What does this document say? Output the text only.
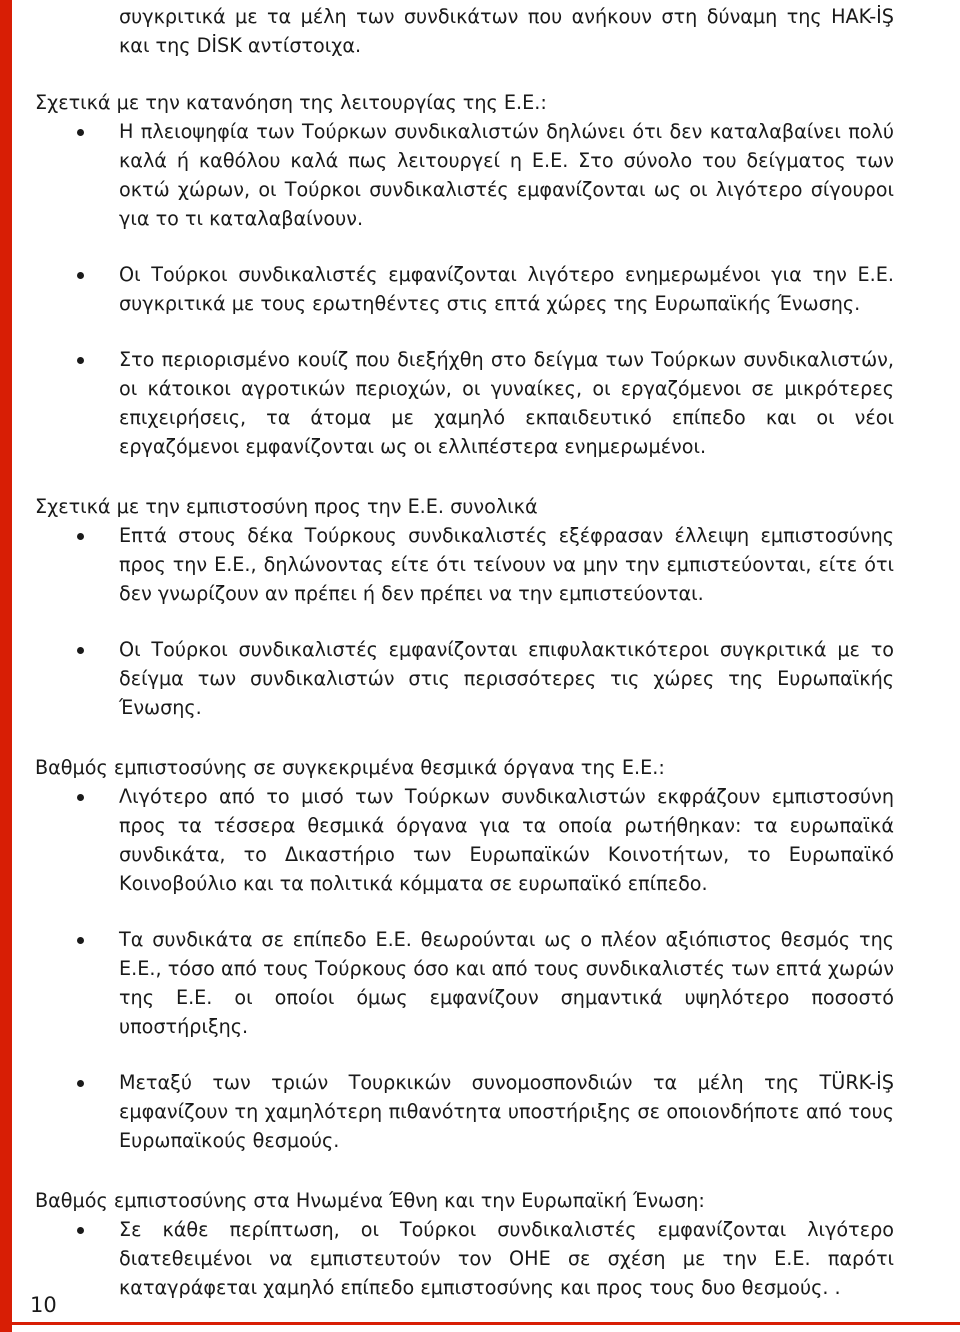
10
συγκριτικά με τα μέλη των συνδικάτων που ανήκουν στη δύναμη της HAK-İŞ και της DİSK αντίστοιχα.
Σχετικά με την κατανόηση της λειτουργίας της Ε.Ε.:
Η πλειοψηφία των Τούρκων συνδικαλιστών δηλώνει ότι δεν καταλαβαίνει πολύ καλά ή καθόλου καλά πως λειτουργεί η Ε.Ε. Στο σύνολο του δείγματος των οκτώ χώρων, οι Τούρκοι συνδικαλιστές εμφανίζονται ως οι λιγότερο σίγουροι για το τι καταλαβαίνουν.
Οι Τούρκοι συνδικαλιστές εμφανίζονται λιγότερο ενημερωμένοι για την Ε.Ε. συγκριτικά με τους ερωτηθέντες στις επτά χώρες της Ευρωπαϊκής Ένωσης.
Στο περιορισμένο κουίζ που διεξήχθη στο δείγμα των Τούρκων συνδικαλιστών, οι κάτοικοι αγροτικών περιοχών, οι γυναίκες, οι εργαζόμενοι σε μικρότερες επιχειρήσεις, τα άτομα με χαμηλό εκπαιδευτικό επίπεδο και οι νέοι εργαζόμενοι εμφανίζονται ως οι ελλιπέστερα ενημερωμένοι.
Σχετικά με την εμπιστοσύνη προς την Ε.Ε. συνολικά
Επτά στους δέκα Τούρκους συνδικαλιστές εξέφρασαν έλλειψη εμπιστοσύνης προς την Ε.Ε., δηλώνοντας είτε ότι τείνουν να μην την εμπιστεύονται, είτε ότι δεν γνωρίζουν αν πρέπει ή δεν πρέπει να την εμπιστεύονται.
Οι Τούρκοι συνδικαλιστές εμφανίζονται επιφυλακτικότεροι συγκριτικά με το δείγμα των συνδικαλιστών στις περισσότερες τις χώρες της Ευρωπαϊκής Ένωσης.
Βαθμός εμπιστοσύνης σε συγκεκριμένα θεσμικά όργανα της Ε.Ε.:
Λιγότερο από το μισό των Τούρκων συνδικαλιστών εκφράζουν εμπιστοσύνη προς τα τέσσερα θεσμικά όργανα για τα οποία ρωτήθηκαν: τα ευρωπαϊκά συνδικάτα, το Δικαστήριο των Ευρωπαϊκών Κοινοτήτων, το Ευρωπαϊκό Κοινοβούλιο και τα πολιτικά κόμματα σε ευρωπαϊκό επίπεδο.
Τα συνδικάτα σε επίπεδο Ε.Ε. θεωρούνται ως ο πλέον αξιόπιστος θεσμός της Ε.Ε., τόσο από τους Τούρκους όσο και από τους συνδικαλιστές των επτά χωρών της Ε.Ε. οι οποίοι όμως εμφανίζουν σημαντικά υψηλότερο ποσοστό υποστήριξης.
Μεταξύ των τριών Τουρκικών συνομοσπονδιών τα μέλη της TÜRK-İŞ εμφανίζουν τη χαμηλότερη πιθανότητα υποστήριξης σε οποιονδήποτε από τους Ευρωπαϊκούς θεσμούς.
Βαθμός εμπιστοσύνης στα Ηνωμένα Έθνη και την Ευρωπαϊκή Ένωση:
Σε κάθε περίπτωση, οι Τούρκοι συνδικαλιστές εμφανίζονται λιγότερο διατεθειμένοι να εμπιστευτούν τον ΟΗΕ σε σχέση με την Ε.Ε. παρότι καταγράφεται χαμηλό επίπεδο εμπιστοσύνης και προς τους δυο θεσμούς. .
